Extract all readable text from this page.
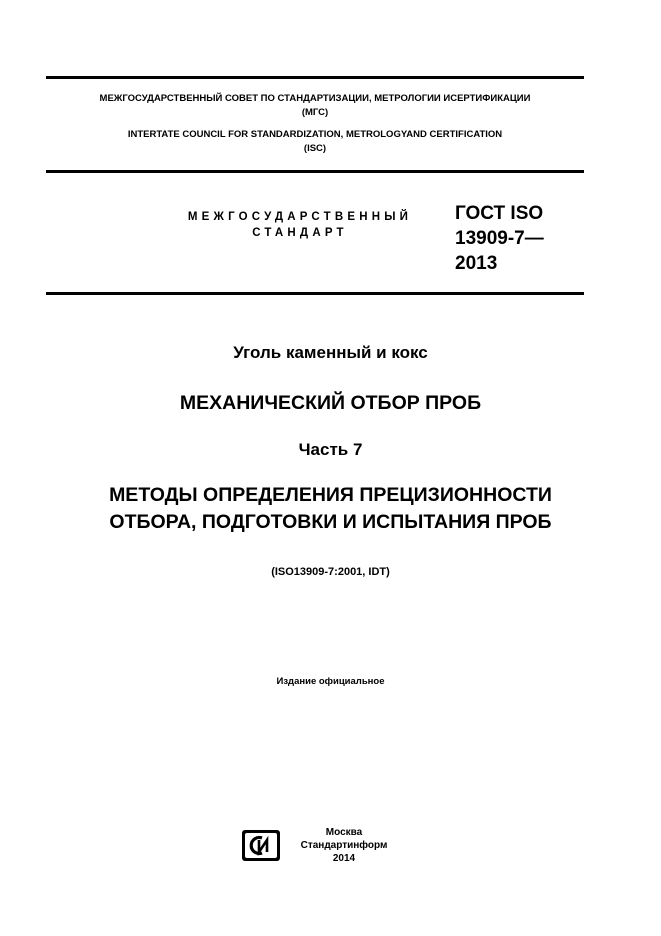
МЕЖГОСУДАРСТВЕННЫЙ СОВЕТ ПО СТАНДАРТИЗАЦИИ, МЕТРОЛОГИИ ИСЕРТИФИКАЦИИ
(МГС)
INTERTATE COUNCIL FOR STANDARDIZATION, METROLOGYAND CERTIFICATION
(ISC)
МЕЖГОСУДАРСТВЕННЫЙ
СТАНДАРТ
ГОСТ ISO
13909-7—
2013
Уголь каменный и кокс
МЕХАНИЧЕСКИЙ ОТБОР ПРОБ
Часть 7
МЕТОДЫ ОПРЕДЕЛЕНИЯ ПРЕЦИЗИОННОСТИ
ОТБОРА, ПОДГОТОВКИ И ИСПЫТАНИЯ ПРОБ
(ISO13909-7:2001, IDT)
Издание официальное
Москва
Стандартинформ
2014
